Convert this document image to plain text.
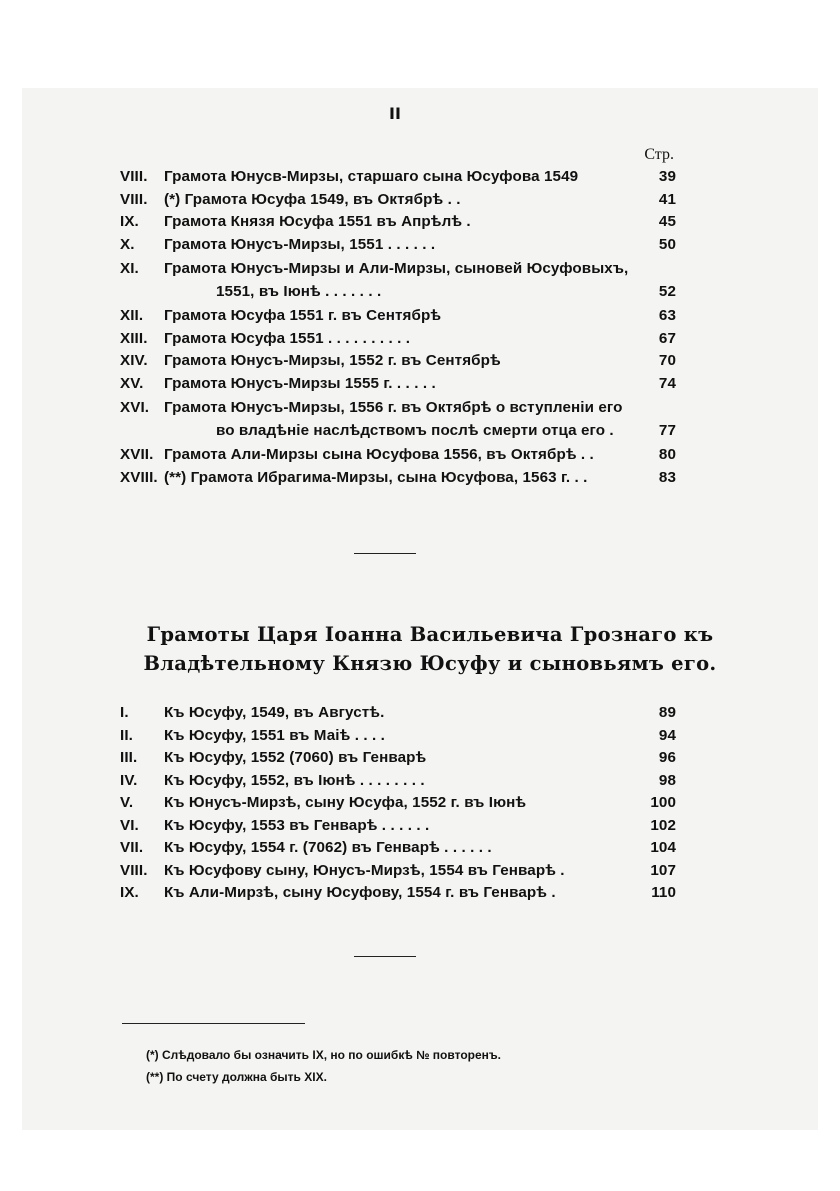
II
Стр.
VIII. Грамота Юнусв-Мирзы, старшаго сына Юсуфова 1549	39
VIII. (*) Грамота Юсуфа 1549, въ Октябрѣ . .	41
IX. Грамота Князя Юсуфа 1551 въ Апрѣлѣ .	45
X. Грамота Юнусъ-Мирзы, 1551 . . . . . .	50
XI. Грамота Юнусъ-Мирзы и Али-Мирзы, сыновей Юсуфовыхъ,
1551, въ Іюнѣ . . . . . . .	52
XII. Грамота Юсуфа 1551 г. въ Сентябрѣ	63
XIII. Грамота Юсуфа 1551 . . . . . . . . . .	67
XIV. Грамота Юнусъ-Мирзы, 1552 г. въ Сентябрѣ	70
XV. Грамота Юнусъ-Мирзы 1555 г. . . . . .	74
XVI. Грамота Юнусъ-Мирзы, 1556 г. въ Октябрѣ о вступленіи его
во владѣніе наслѣдствомъ послѣ смерти отца его .	77
XVII. Грамота Али-Мирзы сына Юсуфова 1556, въ Октябрѣ . .	80
XVIII. (**) Грамота Ибрагима-Мирзы, сына Юсуфова, 1563 г. . .	83
Грамоты Царя Іоанна Васильевича Грознаго къ
Владѣтельному Князю Юсуфу и сыновьямъ его.
I. Къ Юсуфу, 1549, въ Августѣ.	89
II. Къ Юсуфу, 1551 въ Маіѣ . . . .	94
III. Къ Юсуфу, 1552 (7060) въ Генварѣ	96
IV. Къ Юсуфу, 1552, въ Іюнѣ . . . . . . . .	98
V. Къ Юнусъ-Мирзѣ, сыну Юсуфа, 1552 г. въ Іюнѣ	100
VI. Къ Юсуфу, 1553 въ Генварѣ . . . . . .	102
VII. Къ Юсуфу, 1554 г. (7062) въ Генварѣ . . . . . .	104
VIII. Къ Юсуфову сыну, Юнусъ-Мирзѣ, 1554 въ Генварѣ .	107
IX. Къ Али-Мирзѣ, сыну Юсуфову, 1554 г. въ Генварѣ .	110
(*) Слѣдовало бы означить IX, но по ошибкѣ № повторенъ.
(**) По счету должна быть XIX.
